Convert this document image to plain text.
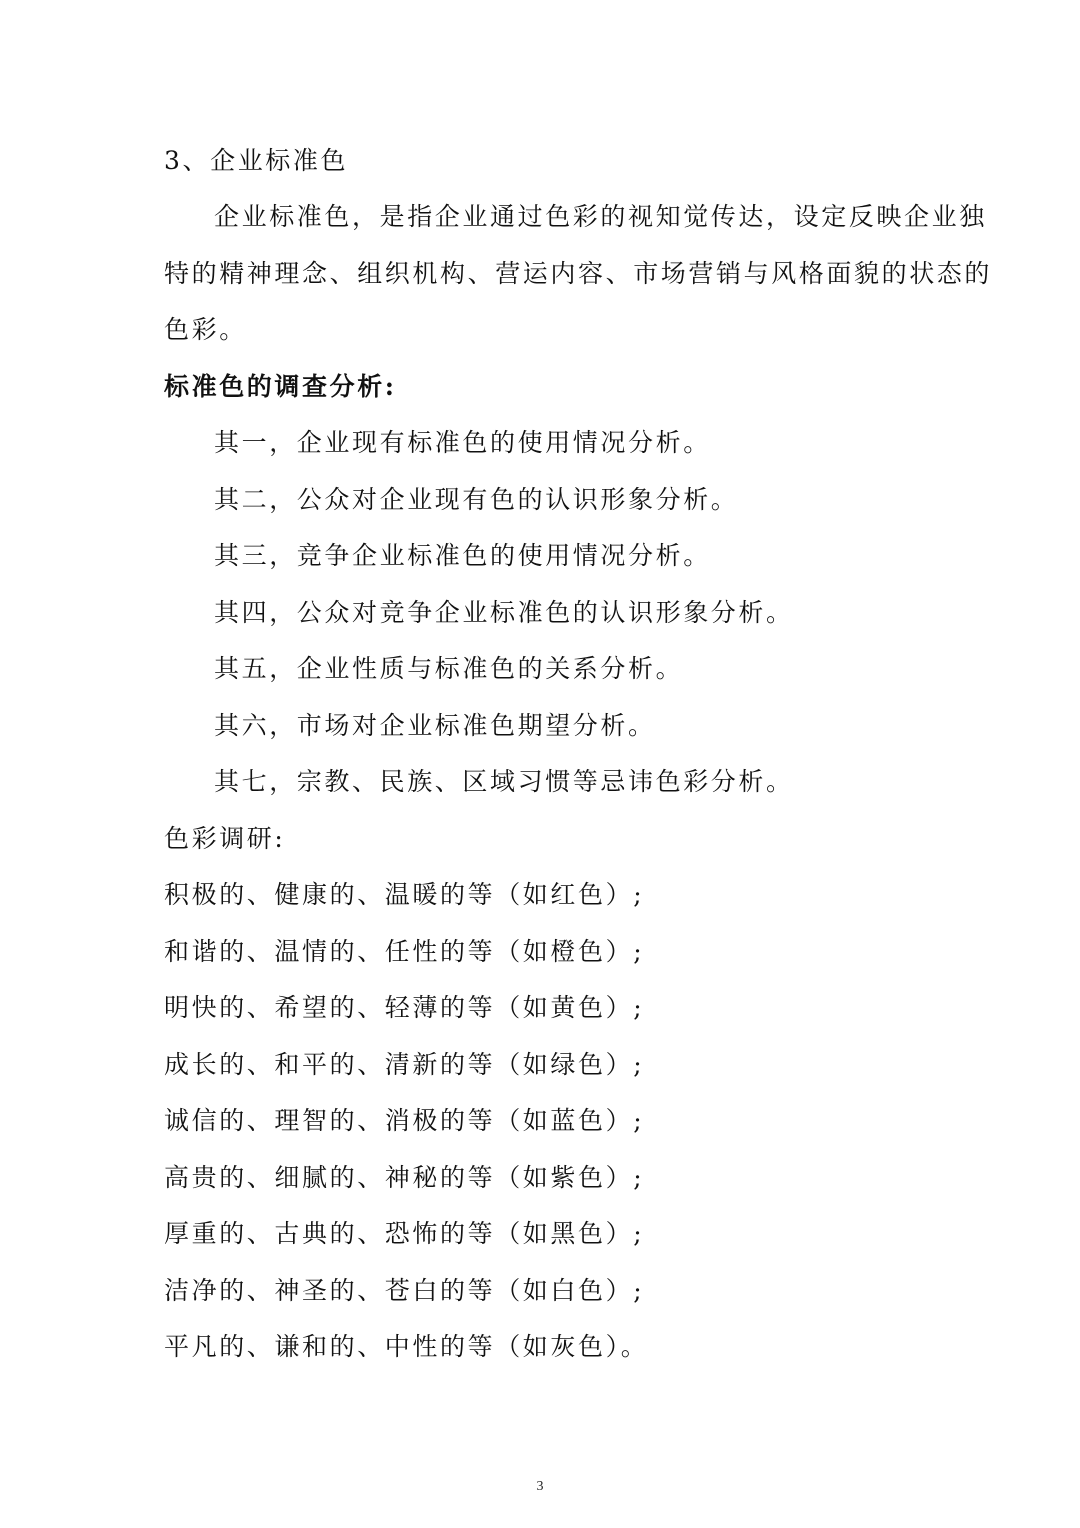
3、企业标准色
企业标准色，是指企业通过色彩的视知觉传达，设定反映企业独
特的精神理念、组织机构、营运内容、市场营销与风格面貌的状态的
色彩。
标准色的调查分析:
其一，企业现有标准色的使用情况分析。
其二，公众对企业现有色的认识形象分析。
其三，竞争企业标准色的使用情况分析。
其四，公众对竞争企业标准色的认识形象分析。
其五，企业性质与标准色的关系分析。
其六，市场对企业标准色期望分析。
其七，宗教、民族、区域习惯等忌讳色彩分析。
色彩调研:
积极的、健康的、温暖的等（如红色）;
和谐的、温情的、任性的等（如橙色）;
明快的、希望的、轻薄的等（如黄色）;
成长的、和平的、清新的等（如绿色）;
诚信的、理智的、消极的等（如蓝色）;
高贵的、细腻的、神秘的等（如紫色）;
厚重的、古典的、恐怖的等（如黑色）;
洁净的、神圣的、苍白的等（如白色）;
平凡的、谦和的、中性的等（如灰色）。
3
